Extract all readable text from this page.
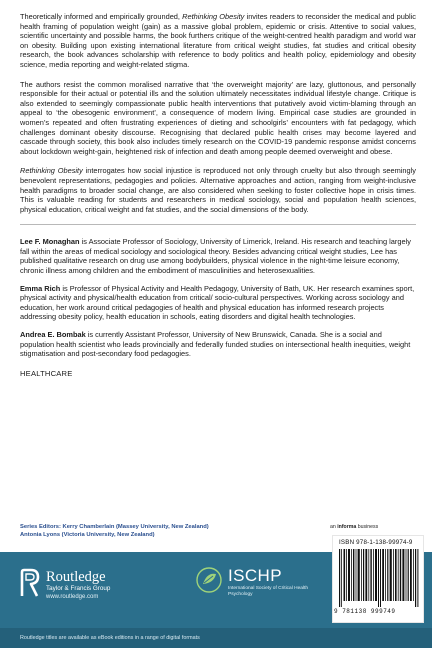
Theoretically informed and empirically grounded, Rethinking Obesity invites readers to reconsider the medical and public health framing of population weight (gain) as a massive global problem, epidemic or crisis. Attentive to social values, scientific uncertainty and possible harms, the book furthers critique of the weight-centred health paradigm and world war on obesity. Building upon existing international literature from critical weight studies, fat studies and critical obesity research, the book advances scholarship with reference to body politics and health policy, epidemiology and obesity science, media reporting and weight-related stigma.

The authors resist the common moralised narrative that ‘the overweight majority’ are lazy, gluttonous, and personally responsible for their actual or potential ills and the solution ultimately necessitates individual lifestyle change. Critique is also extended to seemingly compassionate public health interventions that putatively avoid victim-blaming through an appeal to ‘the obesogenic environment’, a consequence of modern living. Empirical case studies are grounded in women’s repeated and often frustrating experiences of dieting and schoolgirls’ encounters with fat pedagogy, which challenges dominant obesity discourse. Recognising that declared public health crises may become layered and cascade through society, this book also includes timely research on the COVID-19 pandemic response amidst concerns about lockdown weight-gain, heightened risk of infection and death among people deemed overweight and obese.

Rethinking Obesity interrogates how social injustice is reproduced not only through cruelty but also through seemingly benevolent representations, pedagogies and policies. Alternative approaches and action, ranging from weight-inclusive health paradigms to broader social change, are also considered when seeking to foster collective hope in crisis times. This is valuable reading for students and researchers in medical sociology, social and population health sciences, physical education, critical weight and fat studies, and the social dimensions of the body.

Lee F. Monaghan is Associate Professor of Sociology, University of Limerick, Ireland. His research and teaching largely fall within the areas of medical sociology and sociological theory. Besides advancing critical weight studies, Lee has published qualitative research on drug use among bodybuilders, physical violence in the night-time leisure economy, chronic illness among children and the embodiment of masculinities and heterosexualities.

Emma Rich is Professor of Physical Activity and Health Pedagogy, University of Bath, UK. Her research examines sport, physical activity and physical/health education from critical/ socio-cultural perspectives. Working across sociology and education, her work around critical pedagogies of health and physical education has informed research projects addressing obesity policy, health education in schools, eating disorders and digital health technologies.

Andrea E. Bombak is currently Assistant Professor, University of New Brunswick, Canada. She is a social and population health scientist who leads provincially and federally funded studies on intersectional health inequities, weight stigmatisation and post-secondary food pedagogies.

HEALTHCARE

Series Editors: Kerry Chamberlain (Massey University, New Zealand)
Antonia Lyons (Victoria University, New Zealand)
an informa business
Routledge
Taylor & Francis Group
www.routledge.com
ISCHP
International Society of Critical Health Psychology
ISBN 978-1-138-99974-9
9 781138 999749
Routledge titles are available as eBook editions in a range of digital formats
